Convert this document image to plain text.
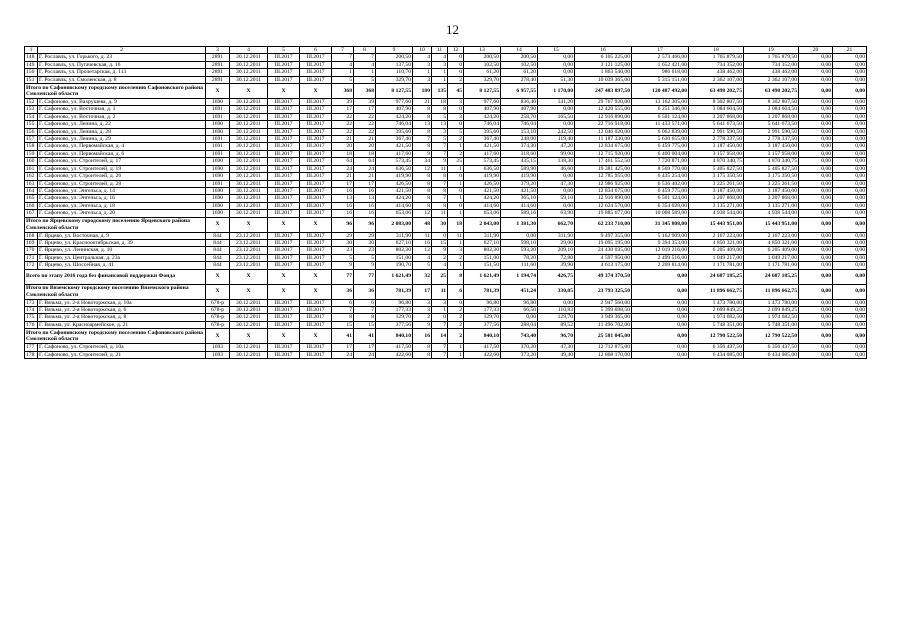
12
1	2	3	4	5	6	7	8	9	10	11	12	13	14	15	16	17	18	19	20	21
148	Г. Рославль, ул. Горького, д. 23	2891	30.12.2011	III.2017	III.2017	7	7	200,50	4	4	0	200,50	200,50	0,00	6 105 225,00	2 573 466,00	1 765 879,50	1 765 879,50	0,00	0,00
149	Г. Рославль, ул. Пугачевская, д. 16	2891	30.12.2011	III.2017	III.2017	4	4	137,50	3	3	0	102,50	102,50	0,00	3 121 125,00	1 652 421,00	734 352,00	734 352,00	0,00	0,00
150	Г. Рославль, ул. Пролетарская, д. 113	2891	30.12.2011	III.2017	III.2017	1	1	110,70	1	1	0	61,20	61,20	0,00	1 863 540,00	986 618,00	438 462,00	438 462,00	0,00	0,00
151	Г. Рославль, ул. Смоленская, д. 8	2891	30.12.2011	III.2017	III.2017	5	5	329,70	3	1	2	329,70	278,40	51,30	10 039 365,00	5 315 151,00	2 362 107,00	2 362 107,00	0,00	0,00
Итого по Сафоновскому городскому поселению Сафоновского района Смоленской области		X	X	X	X	368	368	8 127,55	180	135	45	8 127,55	6 957,55	1 170,00	247 483 897,50	120 487 492,00	63 498 202,75	63 498 202,75	0,00	0,00
152	Г. Сафоново, ул. Вахрушева, д. 9	1690	30.12.2011	III.2017	III.2017	39	39	977,60	21	18	3	977,60	836,40	141,20	29 767 920,00	13 162 305,00	8 302 807,50	8 302 807,50	0,00	0,00
153	Г. Сафоново, ул. Восточная, д. 1	1691	30.12.2011	III.2017	III.2017	17	17	407,90	8	8	0	407,90	407,90	0,00	12 420 555,00	6 251 346,00	3 084 604,50	3 084 604,50	0,00	0,00
154	Г. Сафоново, ул. Восточная, д. 2	1691	30.12.2011	III.2017	III.2017	22	22	424,20	8	5	3	424,20	258,70	165,50	12 916 890,00	6 501 124,00	3 207 868,00	3 207 868,00	0,00	0,00
155	Г. Сафоново, ул. Ленина, д. 22	1690	30.12.2011	III.2017	III.2017	22	22	746,04	13	13	0	746,04	746,04	0,00	22 716 918,00	11 433 571,00	5 641 673,50	5 641 673,50	0,00	0,00
156	Г. Сафоново, ул. Ленина, д. 28	1690	30.12.2011	III.2017	III.2017	22	22	395,60	8	3	5	395,60	153,10	242,50	12 046 020,00	6 062 839,00	2 991 590,50	2 991 590,50	0,00	0,00
157	Г. Сафоново, ул. Ленина, д. 29	1691	30.12.2011	III.2017	III.2017	21	21	367,40	7	5	2	367,40	248,00	119,40	11 187 330,00	5 630 655,00	2 778 337,50	2 778 337,50	0,00	0,00
158	Г. Сафоново, ул. Первомайская, д. 4	1691	30.12.2011	III.2017	III.2017	20	20	421,50	8	7	1	421,50	374,30	47,20	12 834 675,00	6 459 775,00	3 187 450,00	3 187 450,00	0,00	0,00
159	Г. Сафоново, ул. Первомайская, д. 6	1691	30.12.2011	III.2017	III.2017	18	18	417,60	9	7	2	417,60	318,60	99,00	12 715 920,00	6 400 004,00	3 157 958,00	3 157 958,00	0,00	0,00
160	Г. Сафоново, ул. Строителей, д. 17	1690	30.12.2011	III.2017	III.2017	64	64	573,45	34	9	25	573,45	435,15	138,30	17 461 552,50	7 720 871,00	4 870 340,75	4 870 340,75	0,00	0,00
161	Г. Сафоново, ул. Строителей, д. 19	1690	30.12.2011	III.2017	III.2017	24	24	636,50	12	11	1	636,50	589,90	46,60	19 381 425,00	8 569 770,00	5 405 827,50	5 405 827,50	0,00	0,00
162	Г. Сафоново, ул. Строителей, д. 26	1690	30.12.2011	III.2017	III.2017	21	21	419,90	8	8	0	419,90	419,90	0,00	12 785 955,00	6 435 254,00	3 175 350,50	3 175 350,50	0,00	0,00
163	Г. Сафоново, ул. Строителей, д. 28	1691	30.12.2011	III.2017	III.2017	17	17	426,50	8	7	1	426,50	379,20	47,30	12 986 925,00	6 536 402,00	3 225 261,50	3 225 261,50	0,00	0,00
164	Г. Сафоново, ул. Энгельса, д. 14	1690	30.12.2011	III.2017	III.2017	16	16	421,50	8	8	0	421,50	421,50	0,00	12 834 675,00	6 459 775,00	3 187 450,00	3 187 450,00	0,00	0,00
165	Г. Сафоново, ул. Энгельса, д. 16	1690	30.12.2011	III.2017	III.2017	13	13	424,20	8	7	1	424,20	365,10	59,10	12 916 890,00	6 501 124,00	3 207 868,00	3 207 868,00	0,00	0,00
166	Г. Сафоново, ул. Энгельса, д. 18	1690	30.12.2011	III.2017	III.2017	16	16	414,60	8	8	0	414,60	414,60	0,00	12 624 570,00	6 354 028,00	3 135 271,00	3 135 271,00	0,00	0,00
167	Г. Сафоново, ул. Энгельса, д. 20	1690	30.12.2011	III.2017	III.2017	16	16	653,06	12	11	1	653,06	589,16	63,90	19 885 677,00	10 008 589,00	4 938 544,00	4 938 544,00	0,00	0,00
Итого по Ярцевскому городскому поселению Ярцевского района Смоленской области		X	X	X	X	96	96	2 083,00	48	30	18	2 043,00	1 381,30	662,70	62 233 710,00	31 345 808,00	15 443 951,00	15 443 951,00	0,00	0,00
168	Г. Ярцево, ул. Восточная, д. 9	844	23.12.2011	III.2017	III.2017	29	29	311,90	11	0	11	311,90	0,00	311,90	9 497 355,00	5 162 909,00	2 167 223,00	2 167 223,00	0,00	0,00
169	Г. Ярцево, ул. Краснооктябрьская, д. 39	844	23.12.2011	III.2017	III.2017	30	30	627,10	16	15	1	627,10	598,10	29,00	19 095 195,00	9 394 353,00	4 850 321,00	4 850 321,00	0,00	0,00
170	Г. Ярцево, ул. Ленинская, д. 10	844	23.12.2011	III.2017	III.2017	23	23	802,30	12	9	3	802,30	593,20	209,10	24 430 035,00	12 019 216,00	6 205 409,00	6 205 409,00	0,00	0,00
171	Г. Ярцево, ул. Центральная, д. 23а	844	23.12.2011	III.2017	III.2017	5	5	151,00	4	2	2	151,00	78,20	72,80	4 597 950,00	2 499 516,00	1 049 217,00	1 049 217,00	0,00	0,00
172	Г. Ярцево, ул. Шоссейная, д. 41	844	23.12.2011	III.2017	III.2017	9	9	190,70	5	4	1	151,50	111,60	39,90	4 613 175,00	2 269 814,00	1 171 781,00	1 171 781,00	0,00	0,00
Всего по этапу 2016 года без финансовой поддержки Фонда		X	X	X	X	77	77	1 621,49	32	25	8	1 621,49	1 194,74	426,75	49 374 370,50	0,00	24 687 185,25	24 687 185,25	0,00	0,00
Итого по Вяземскому городскому поселению Вяземского района Смоленской области		X	X	X	X	36	36	781,39	17	11	6	781,39	451,24	330,05	23 793 325,50	0,00	11 896 662,75	11 896 662,75	0,00	0,00
173	Г. Вязьма, ул. 2-я Новоторжская, д. 10а	678-р	30.12.2011	III.2017	III.2017	6	6	96,80	3	3	0	96,80	96,80	0,00	2 947 560,00	0,00	1 473 780,00	1 473 780,00	0,00	0,00
174	Г. Вязьма, ул. 2-я Новоторжская, д. 6	678-р	30.12.2011	III.2017	III.2017	7	7	177,33	3	1	2	177,33	66,50	110,83	5 399 698,50	0,00	2 699 849,25	2 699 849,25	0,00	0,00
175	Г. Вязьма, ул. 2-я Новоторжская, д. 8	678-р	30.12.2011	III.2017	III.2017	8	8	129,70	2	0	2	129,70	0,00	129,70	3 949 365,00	0,00	1 974 682,50	1 974 682,50	0,00	0,00
176	Г. Вязьма, ул. Красноармейское, д. 21	678-р	30.12.2011	III.2017	III.2017	15	15	377,56	9	7	2	377,56	288,04	89,52	11 496 702,00	0,00	5 748 351,00	5 748 351,00	0,00	0,00
Итого по Сафоновскому городскому поселению Сафоновского района Смоленской области		X	X	X	X	41	41	840,10	16	14	2	840,10	743,40	96,70	25 581 045,00	0,00	12 790 522,50	12 790 522,50	0,00	0,00
177	Г. Сафоново, ул. Строителей, д. 10а	1693	30.12.2011	III.2017	III.2017	17	17	417,50	8	7	1	417,50	370,20	47,30	12 712 875,00	0,00	6 356 437,50	6 356 437,50	0,00	0,00
178	Г. Сафоново, ул. Строителей, д. 21	1693	30.12.2011	III.2017	III.2017	24	24	422,60	8	7	1	422,60	373,20	49,40	12 868 170,00	0,00	6 434 085,00	6 434 085,00	0,00	0,00
